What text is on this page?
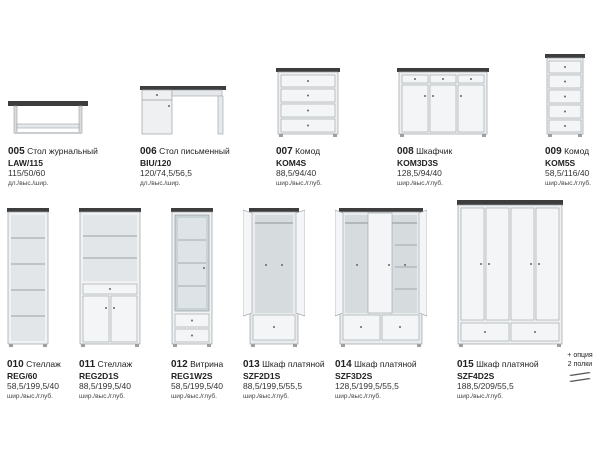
005 Стол журнальный
LAW/115
115/50/60
дл./выс./шир.
006 Стол письменный
BIU/120
120/74,5/56,5
дл./выс./шир.
007 Комод
KOM4S
88,5/94/40
шир./выс./глуб.
008 Шкафчик
KOM3D3S
128,5/94/40
шир./выс./глуб.
009 Комод
KOM5S
58,5/116/40
шир./выс./глуб.
010 Стеллаж
REG/60
58,5/199,5/40
шир./выс./глуб.
011 Стеллаж
REG2D1S
88,5/199,5/40
шир./выс./глуб.
012 Витрина
REG1W2S
58,5/199,5/40
шир./выс./глуб.
013 Шкаф платяной
SZF2D1S
88,5/199,5/55,5
шир./выс./глуб.
014 Шкаф платяной
SZF3D2S
128,5/199,5/55,5
шир./выс./глуб.
015 Шкаф платяной
SZF4D2S
188,5/209/55,5
шир./выс./глуб.
+ опция
2 полки
